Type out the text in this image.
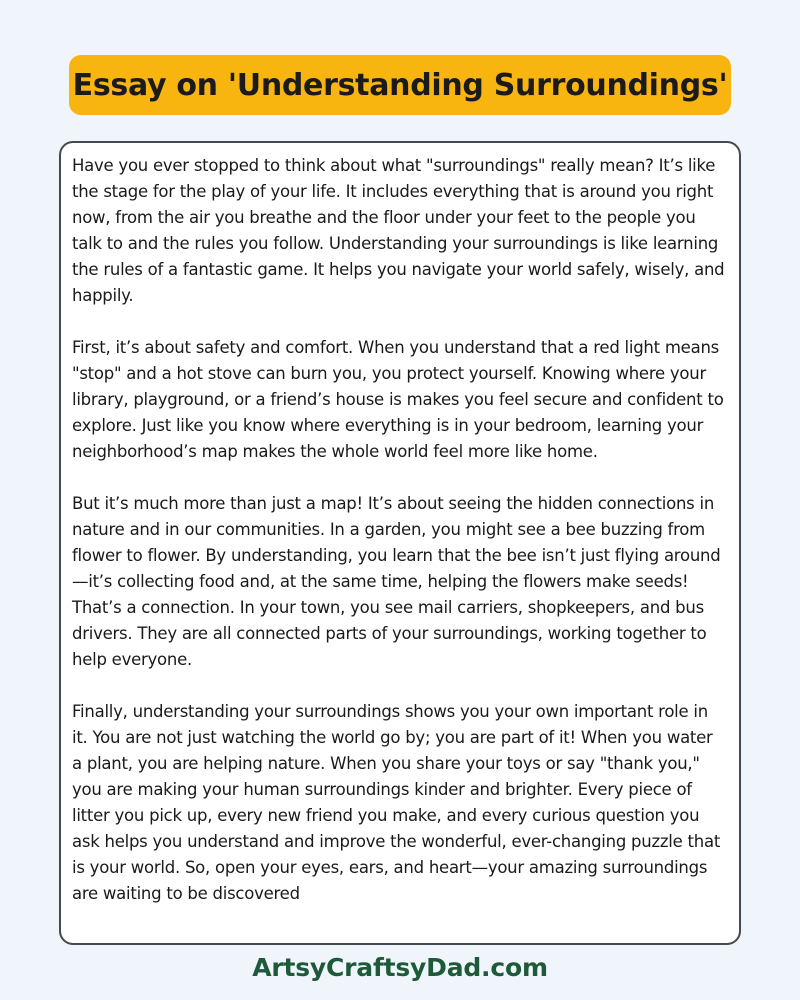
Essay on 'Understanding Surroundings'

Have you ever stopped to think about what "surroundings" really mean? It’s like the stage for the play of your life. It includes everything that is around you right now, from the air you breathe and the floor under your feet to the people you talk to and the rules you follow. Understanding your surroundings is like learning the rules of a fantastic game. It helps you navigate your world safely, wisely, and happily.

First, it’s about safety and comfort. When you understand that a red light means "stop" and a hot stove can burn you, you protect yourself. Knowing where your library, playground, or a friend’s house is makes you feel secure and confident to explore. Just like you know where everything is in your bedroom, learning your neighborhood’s map makes the whole world feel more like home.

But it’s much more than just a map! It’s about seeing the hidden connections in nature and in our communities. In a garden, you might see a bee buzzing from flower to flower. By understanding, you learn that the bee isn’t just flying around—it’s collecting food and, at the same time, helping the flowers make seeds! That’s a connection. In your town, you see mail carriers, shopkeepers, and bus drivers. They are all connected parts of your surroundings, working together to help everyone.

Finally, understanding your surroundings shows you your own important role in it. You are not just watching the world go by; you are part of it! When you water a plant, you are helping nature. When you share your toys or say "thank you," you are making your human surroundings kinder and brighter. Every piece of litter you pick up, every new friend you make, and every curious question you ask helps you understand and improve the wonderful, ever-changing puzzle that is your world. So, open your eyes, ears, and heart—your amazing surroundings are waiting to be discovered

ArtsyCraftsyDad.com
